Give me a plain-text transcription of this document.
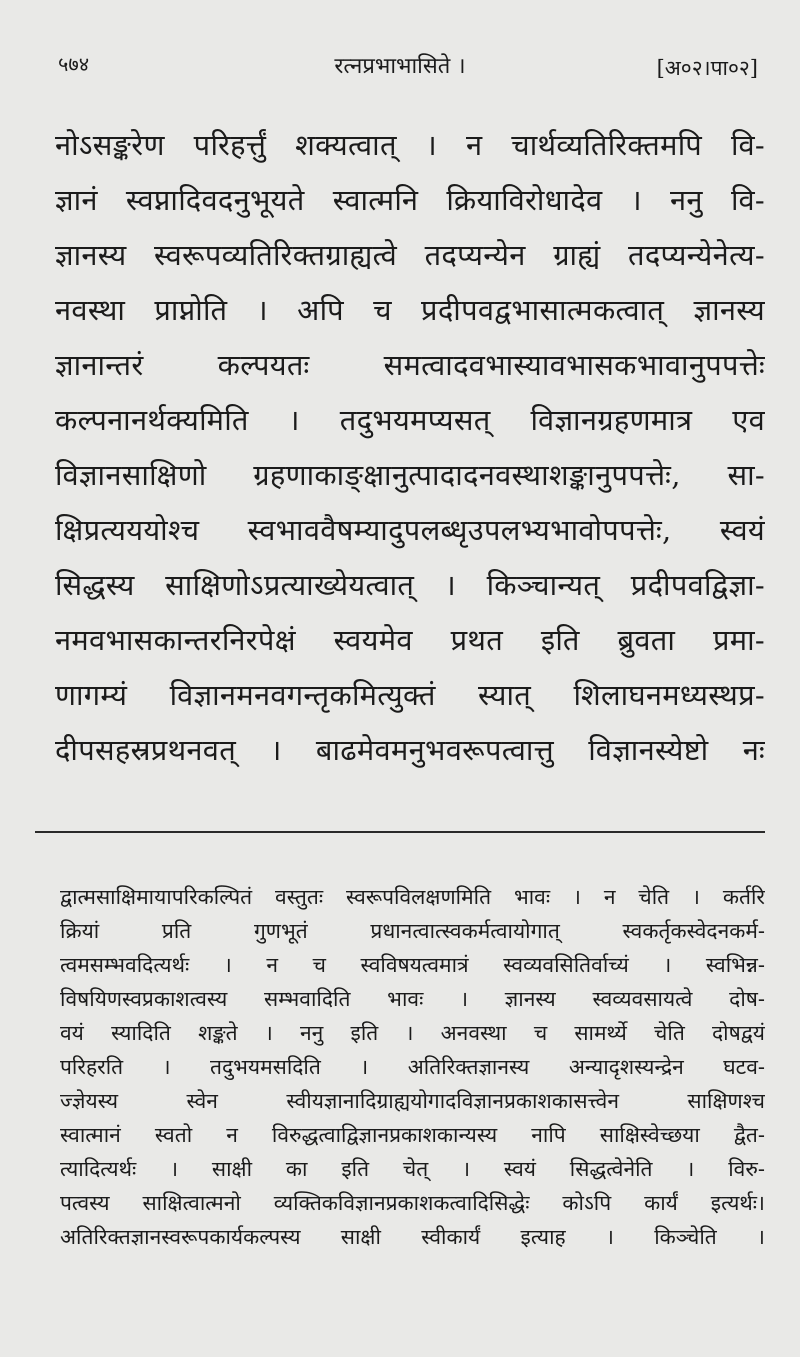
५७४	रत्नप्रभाभासिते ।	[अ०२।पा०२]
नोऽसङ्करेण परिहर्त्तुं शक्यत्वात् । न चार्थव्यतिरिक्तमपि वि-
ज्ञानं स्वप्नादिवदनुभूयते स्वात्मनि क्रियाविरोधादेव । ननु वि-
ज्ञानस्य स्वरूपव्यतिरिक्तग्राह्यत्वे तदप्यन्येन ग्राह्यं तदप्यन्येनेत्य-
नवस्था प्राप्नोति । अपि च प्रदीपवद्वभासात्मकत्वात् ज्ञानस्य
ज्ञानान्तरं कल्पयतः समत्वादवभास्यावभासकभावानुपपत्तेः
कल्पनानर्थक्यमिति । तदुभयमप्यसत् विज्ञानग्रहणमात्र एव
विज्ञानसाक्षिणो ग्रहणाकाङ्क्षानुत्पादादनवस्थाशङ्कानुपपत्तेः, सा-
क्षिप्रत्यययोश्च स्वभाववैषम्यादुपलब्धृउपलभ्यभावोपपत्तेः, स्वयं
सिद्धस्य साक्षिणोऽप्रत्याख्येयत्वात् । किञ्चान्यत् प्रदीपवद्विज्ञा-
नमवभासकान्तरनिरपेक्षं स्वयमेव प्रथत इति ब्रुवता प्रमा-
णागम्यं विज्ञानमनवगन्तृकमित्युक्तं स्यात् शिलाघनमध्यस्थप्र-
दीपसहस्रप्रथनवत् । बाढमेवमनुभवरूपत्वात्तु विज्ञानस्येष्टो नः
द्वात्मसाक्षिमायापरिकल्पितं वस्तुतः स्वरूपविलक्षणमिति भावः । न चेति । कर्तरि
क्रियां प्रति गुणभूतं प्रधानत्वात्स्वकर्मत्वायोगात् स्वकर्तृकस्वेदनकर्म-
त्वमसम्भवदित्यर्थः । न च स्वविषयत्वमात्रं स्वव्यवसितिर्वाच्यं । स्वभिन्न-
विषयिणस्वप्रकाशत्वस्य सम्भवादिति भावः । ज्ञानस्य स्वव्यवसायत्वे दोष-
वयं स्यादिति शङ्कते । ननु इति । अनवस्था च सामर्थ्ये चेति दोषद्वयं
परिहरति । तदुभयमसदिति । अतिरिक्तज्ञानस्य अन्यादृशस्यन्द्रेन घटव-
ज्ज्ञेयस्य स्वेन स्वीयज्ञानादिग्राह्ययोगादविज्ञानप्रकाशकासत्त्वेन साक्षिणश्च
स्वात्मानं स्वतो न विरुद्धत्वाद्विज्ञानप्रकाशकान्यस्य नापि साक्षिस्वेच्छया द्वैत-
त्यादित्यर्थः । साक्षी का इति चेत् । स्वयं सिद्धत्वेनेति । विरु-
पत्वस्य साक्षित्वात्मनो व्यक्तिकविज्ञानप्रकाशकत्वादिसिद्धेः कोऽपि कार्यं इत्यर्थः।
अतिरिक्तज्ञानस्वरूपकार्यकल्पस्य साक्षी स्वीकार्यं इत्याह । किञ्चेति ।
